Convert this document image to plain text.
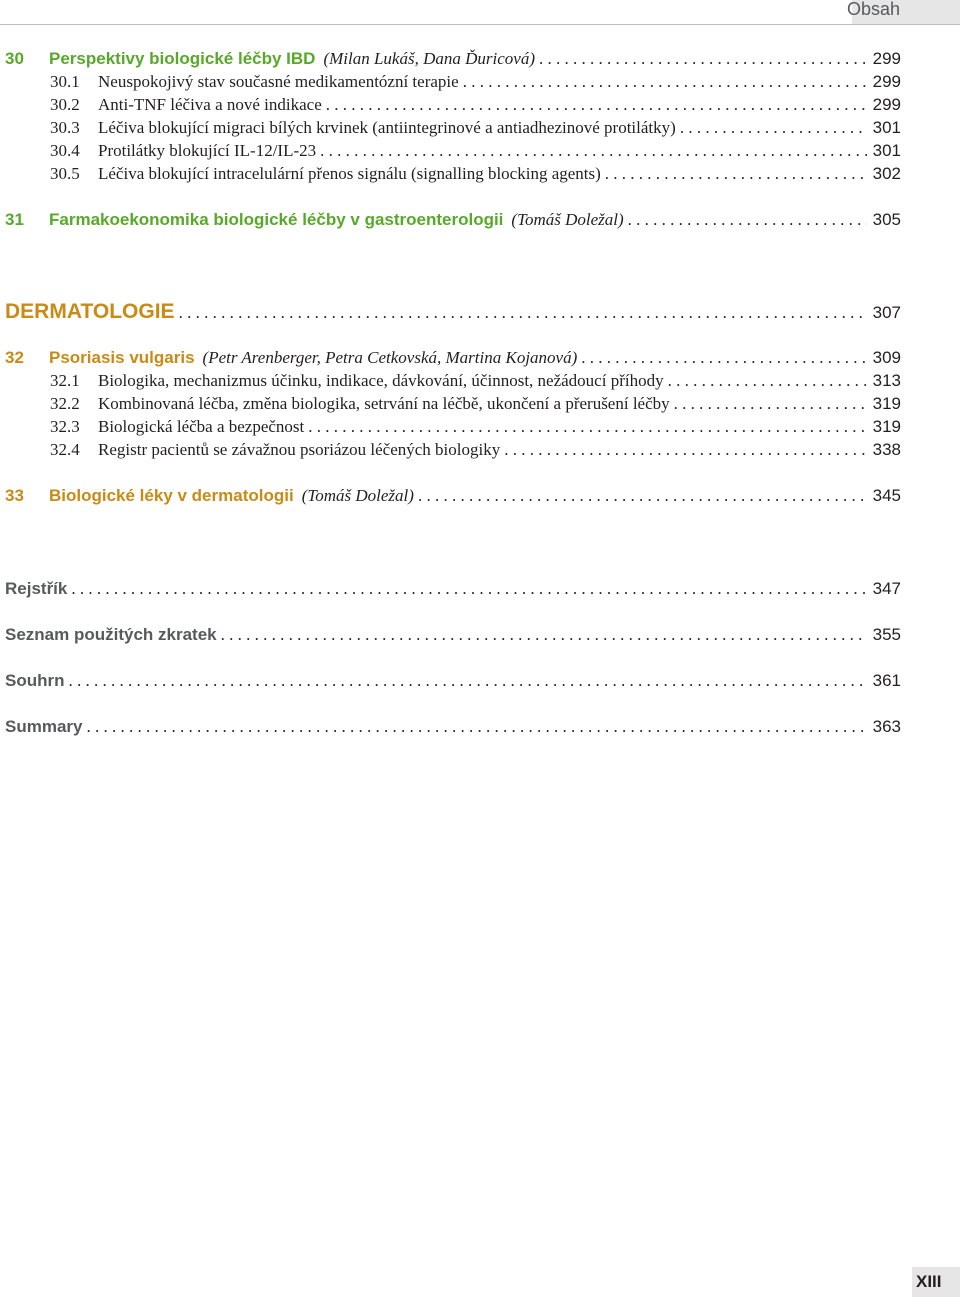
Obsah
30	Perspektivy biologické léčby IBD (Milan Lukáš, Dana Ďuricová) . . .	299
30.1	Neuspokojivý stav současné medikamentózní terapie . . .	299
30.2	Anti-TNF léčiva a nové indikace . . .	299
30.3	Léčiva blokující migraci bílých krvinek (antiintegrinové a antiadhezinové protilátky) . . .	301
30.4	Protilátky blokující IL-12/IL-23 . . .	301
30.5	Léčiva blokující intracelulární přenos signálu (signalling blocking agents) . . .	302
31	Farmakoekonomika biologické léčby v gastroenterologii (Tomáš Doležal) . . .	305
DERMATOLOGIE . . .	307
32	Psoriasis vulgaris (Petr Arenberger, Petra Cetkovská, Martina Kojanová) . . .	309
32.1	Biologika, mechanizmus účinku, indikace, dávkování, účinnost, nežádoucí příhody . . .	313
32.2	Kombinovaná léčba, změna biologika, setrvání na léčbě, ukončení a přerušení léčby . . .	319
32.3	Biologická léčba a bezpečnost . . .	319
32.4	Registr pacientů se závažnou psoriázou léčených biologiky . . .	338
33	Biologické léky v dermatologii (Tomáš Doležal) . . .	345
Rejstřík . . .	347
Seznam použitých zkratek . . .	355
Souhrn . . .	361
Summary . . .	363
XIII
